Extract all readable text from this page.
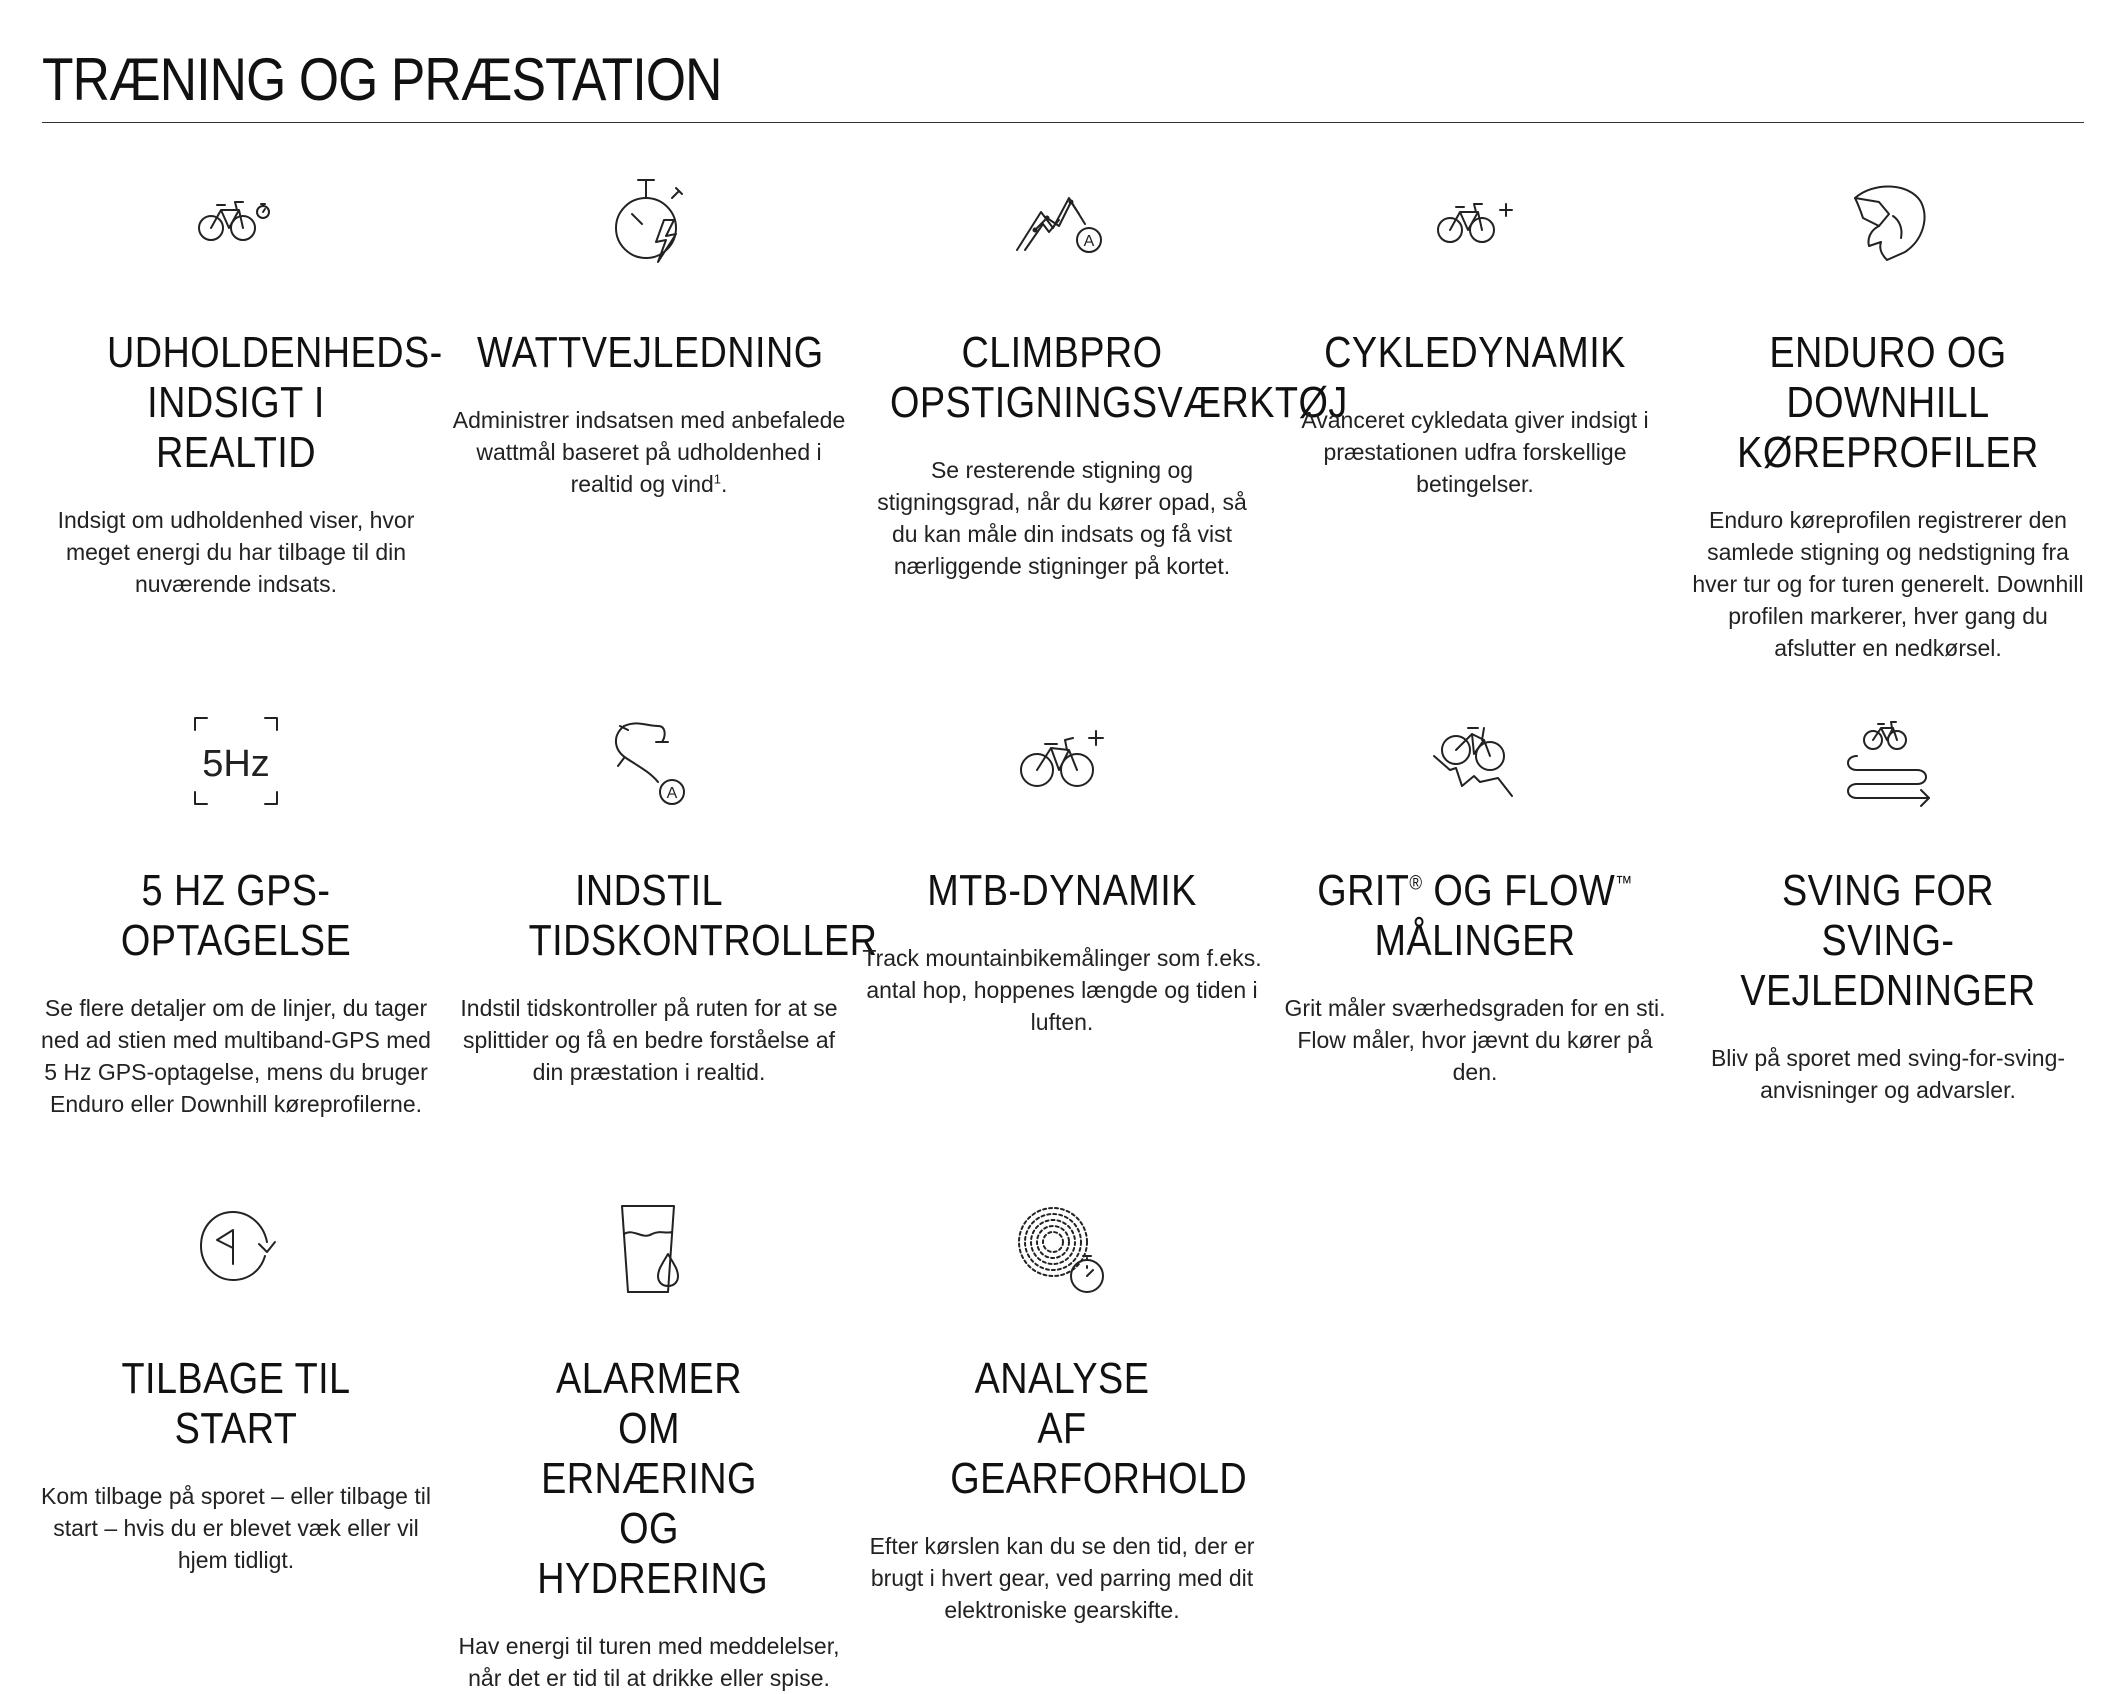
TRÆNING OG PRÆSTATION
UDHOLDENHEDS-INDSIGT I REALTID

Indsigt om udholdenhed viser, hvor meget energi du har tilbage til din nuværende indsats.

WATTVEJLEDNING

Administrer indsatsen med anbefalede wattmål baseret på udholdenhed i realtid og vind$^1$.

A
CLIMBPRO OPSTIGNINGSVÆRKTØJ

Se resterende stigning og stigningsgrad, når du kører opad, så du kan måle din indsats og få vist nærliggende stigninger på kortet.

CYKLEDYNAMIK

Avanceret cykledata giver indsigt i præstationen udfra forskellige betingelser.

ENDURO OG DOWNHILL KØREPROFILER

Enduro køreprofilen registrerer den samlede stigning og nedstigning fra hver tur og for turen generelt. Downhill profilen markerer, hver gang du afslutter en nedkørsel.

5Hz
5 HZ GPS-OPTAGELSE

Se flere detaljer om de linjer, du tager ned ad stien med multiband-GPS med 5 Hz GPS-optagelse, mens du bruger Enduro eller Downhill køreprofilerne.

A
INDSTIL TIDSKONTROLLER

Indstil tidskontroller på ruten for at se splittider og få en bedre forståelse af din præstation i realtid.

MTB-DYNAMIK

Track mountainbikemålinger som f.eks. antal hop, hoppenes længde og tiden i luften.

GRIT® OG FLOW™ MÅLINGER

Grit måler sværhedsgraden for en sti. Flow måler, hvor jævnt du kører på den.

SVING FOR SVING-VEJLEDNINGER

Bliv på sporet med sving-for-sving-anvisninger og advarsler.

TILBAGE TIL START

Kom tilbage på sporet – eller tilbage til start – hvis du er blevet væk eller vil hjem tidligt.

ALARMER OM ERNÆRING OG HYDRERING

Hav energi til turen med meddelelser, når det er tid til at drikke eller spise.

ANALYSE AF GEARFORHOLD

Efter kørslen kan du se den tid, der er brugt i hvert gear, ved parring med dit elektroniske gearskifte.
